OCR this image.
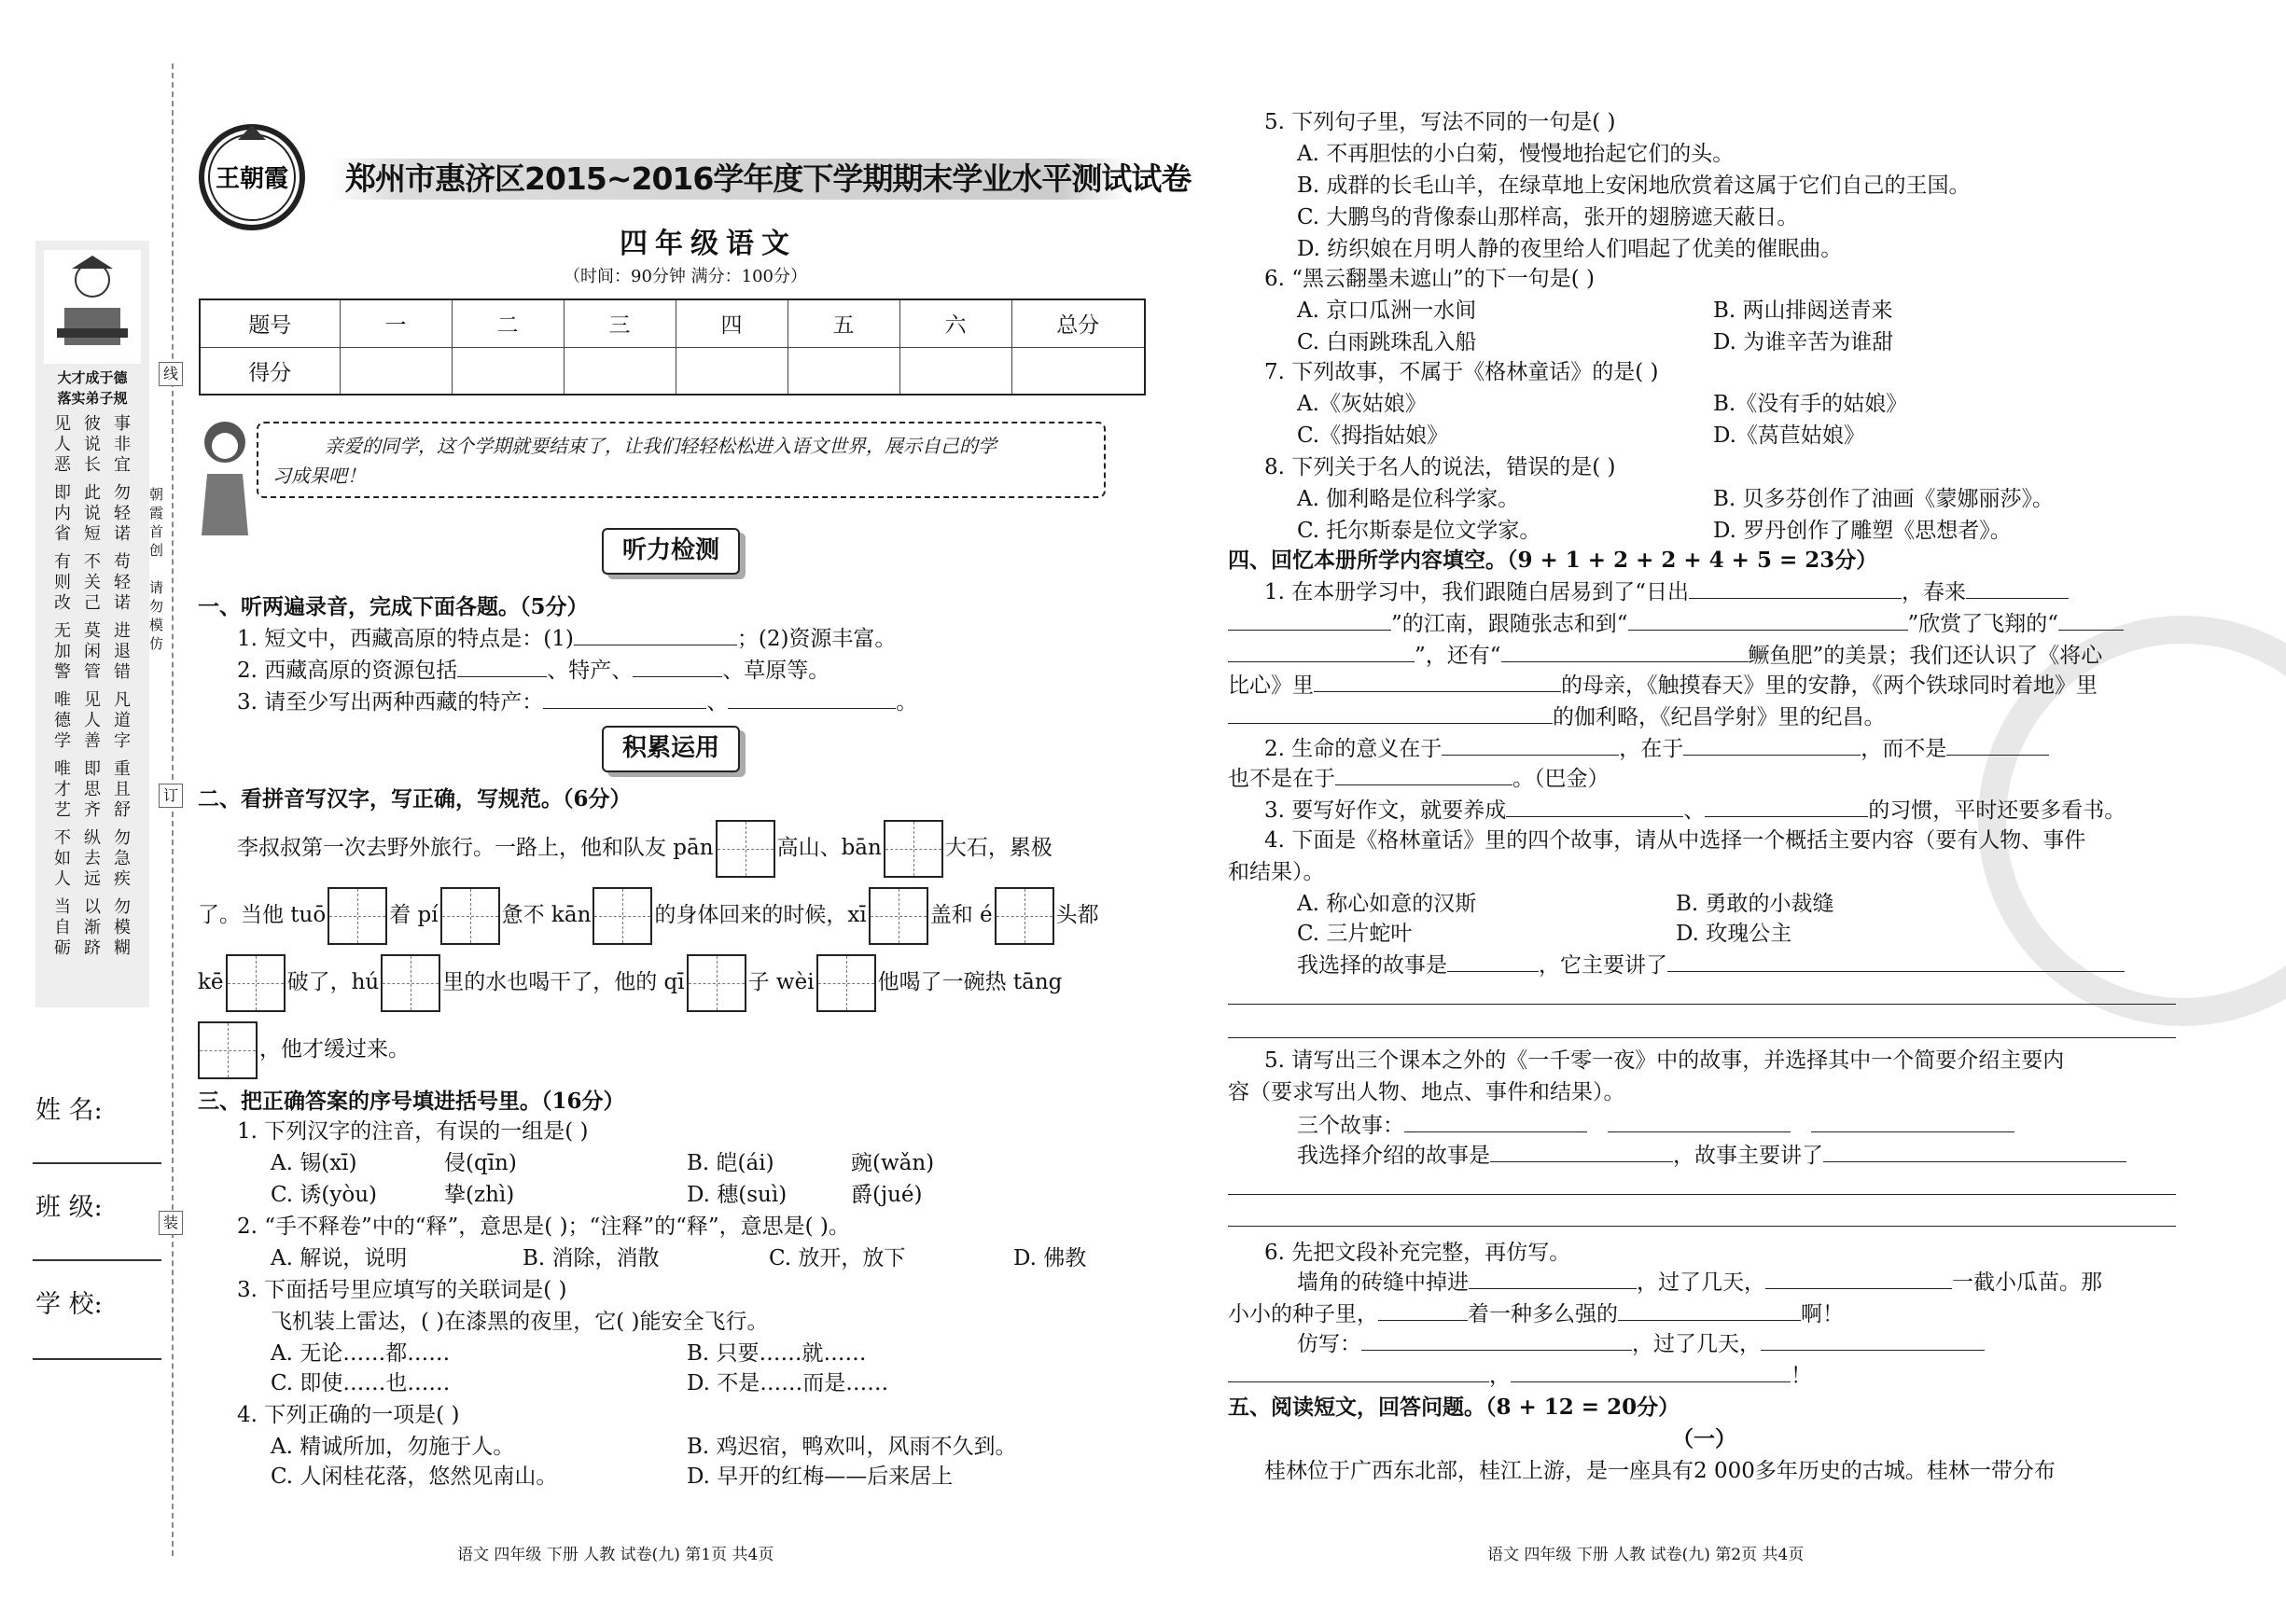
线
订
装
朝霞首创
请勿模仿
大才成于德
落实弟子规
见人恶
即内省
有则改
无加警
唯德学
唯才艺
不如人
当自砺
彼说长
此说短
不关己
莫闲管
见人善
即思齐
纵去远
以渐跻
事非宜
勿轻诺
苟轻诺
进退错
凡道字
重且舒
勿急疾
勿模糊
姓 名:
班 级:
学 校:
王朝霞 郑州市惠济区2015~2016学年度下学期期末学业水平测试试卷
四年级语文
（时间：90分钟 满分：100分）
题号	一	二	三	四	五	六	总分
得分							
亲爱的同学，这个学期就要结束了，让我们轻轻松松进入语文世界，展示自己的学
习成果吧！
听力检测
积累运用
一、听两遍录音，完成下面各题。（5分）
1. 短文中，西藏高原的特点是：(1)	；(2)资源丰富。
2. 西藏高原的资源包括	、特产、	、草原等。
3. 请至少写出两种西藏的特产：	、	。
二、看拼音写汉字，写正确，写规范。（6分）
李叔叔第一次去野外旅行。一路上，他和队友 pān	高山、bān	大石，累极
了。当他 tuō	着 pí	惫不 kān	的身体回来的时候，xī	盖和 é	头都
kē	破了，hú	里的水也喝干了，他的 qī	子 wèi	他喝了一碗热 tāng
，他才缓过来。
三、把正确答案的序号填进括号里。（16分）
1. 下列汉字的注音，有误的一组是( )
A. 锡(xī)	侵(qīn)	B. 皑(ái)	豌(wǎn)
C. 诱(yòu)	挚(zhì)	D. 穗(suì)	爵(jué)
2. “手不释卷”中的“释”，意思是( )；“注释”的“释”，意思是( )。
A. 解说，说明	B. 消除，消散	C. 放开，放下	D. 佛教
3. 下面括号里应填写的关联词是( )
飞机装上雷达，( )在漆黑的夜里，它( )能安全飞行。
A. 无论……都……	B. 只要……就……
C. 即使……也……	D. 不是……而是……
4. 下列正确的一项是( )
A. 精诚所加，勿施于人。	B. 鸡迟宿，鸭欢叫，风雨不久到。
C. 人闲桂花落，悠然见南山。	D. 早开的红梅——后来居上
语文 四年级 下册 人教 试卷(九) 第1页 共4页
5. 下列句子里，写法不同的一句是( )
A. 不再胆怯的小白菊，慢慢地抬起它们的头。
B. 成群的长毛山羊，在绿草地上安闲地欣赏着这属于它们自己的王国。
C. 大鹏鸟的背像泰山那样高，张开的翅膀遮天蔽日。
D. 纺织娘在月明人静的夜里给人们唱起了优美的催眠曲。
6. “黑云翻墨未遮山”的下一句是( )
A. 京口瓜洲一水间	B. 两山排闼送青来
C. 白雨跳珠乱入船	D. 为谁辛苦为谁甜
7. 下列故事，不属于《格林童话》的是( )
A.《灰姑娘》	B.《没有手的姑娘》
C.《拇指姑娘》	D.《莴苣姑娘》
8. 下列关于名人的说法，错误的是( )
A. 伽利略是位科学家。	B. 贝多芬创作了油画《蒙娜丽莎》。
C. 托尔斯泰是位文学家。	D. 罗丹创作了雕塑《思想者》。
四、回忆本册所学内容填空。（9 + 1 + 2 + 2 + 4 + 5 = 23分）
1. 在本册学习中，我们跟随白居易到了“日出	，春来
”的江南，跟随张志和到“	”欣赏了飞翔的“
”，还有“	鳜鱼肥”的美景；我们还认识了《将心
比心》里	的母亲，《触摸春天》里的安静，《两个铁球同时着地》里
的伽利略，《纪昌学射》里的纪昌。
2. 生命的意义在于	，在于	，而不是
也不是在于	。（巴金）
3. 要写好作文，就要养成	、	的习惯，平时还要多看书。
4. 下面是《格林童话》里的四个故事，请从中选择一个概括主要内容（要有人物、事件
和结果）。
A. 称心如意的汉斯	B. 勇敢的小裁缝
C. 三片蛇叶	D. 玫瑰公主
我选择的故事是	，它主要讲了
5. 请写出三个课本之外的《一千零一夜》中的故事，并选择其中一个简要介绍主要内
容（要求写出人物、地点、事件和结果）。
三个故事：
我选择介绍的故事是	，故事主要讲了
6. 先把文段补充完整，再仿写。
墙角的砖缝中掉进	，过了几天，	一截小瓜苗。那
小小的种子里，	着一种多么强的	啊！
仿写：	，过了几天，
，	！
五、阅读短文，回答问题。（8 + 12 = 20分）
（一）
桂林位于广西东北部，桂江上游，是一座具有2 000多年历史的古城。桂林一带分布
语文 四年级 下册 人教 试卷(九) 第2页 共4页
